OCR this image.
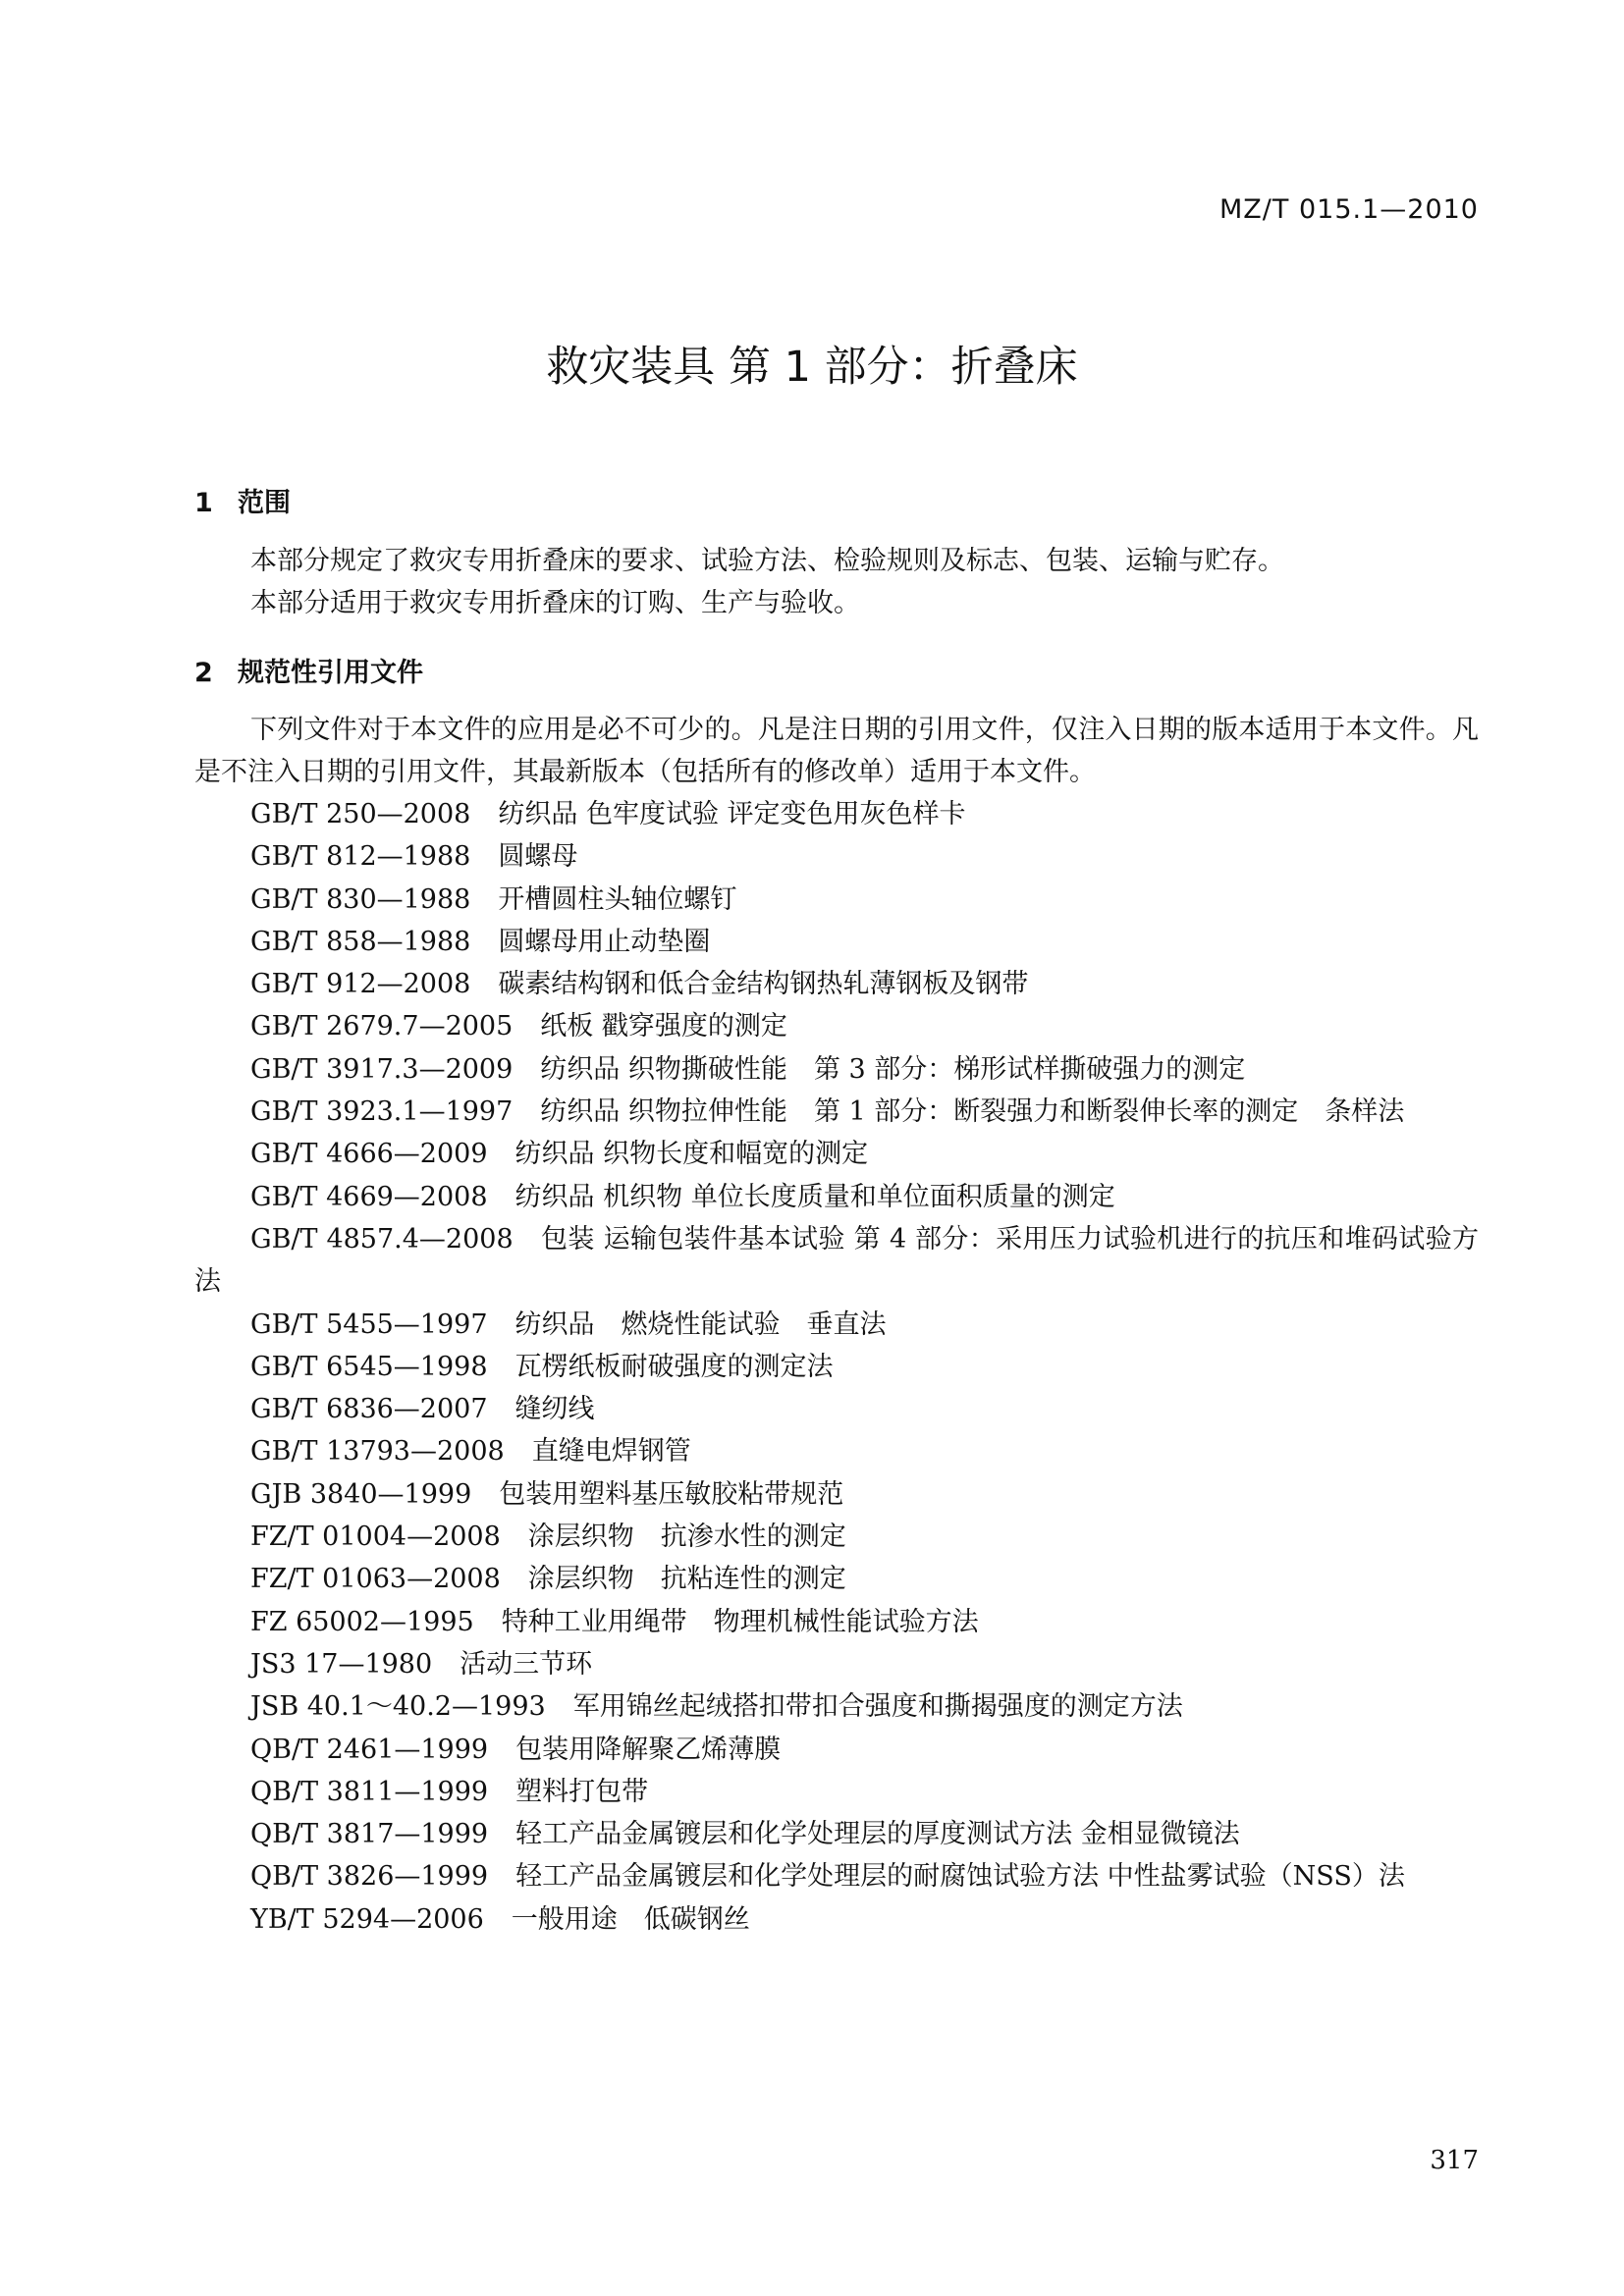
MZ/T 015.1—2010
救灾装具 第 1 部分：折叠床
1 范围
本部分规定了救灾专用折叠床的要求、试验方法、检验规则及标志、包装、运输与贮存。
本部分适用于救灾专用折叠床的订购、生产与验收。
2 规范性引用文件
下列文件对于本文件的应用是必不可少的。凡是注日期的引用文件，仅注入日期的版本适用于本文件。凡是不注入日期的引用文件，其最新版本（包括所有的修改单）适用于本文件。
GB/T 250—2008 纺织品 色牢度试验 评定变色用灰色样卡
GB/T 812—1988 圆螺母
GB/T 830—1988 开槽圆柱头轴位螺钉
GB/T 858—1988 圆螺母用止动垫圈
GB/T 912—2008 碳素结构钢和低合金结构钢热轧薄钢板及钢带
GB/T 2679.7—2005 纸板 戳穿强度的测定
GB/T 3917.3—2009 纺织品 织物撕破性能　第 3 部分：梯形试样撕破强力的测定
GB/T 3923.1—1997 纺织品 织物拉伸性能　第 1 部分：断裂强力和断裂伸长率的测定　条样法
GB/T 4666—2009 纺织品 织物长度和幅宽的测定
GB/T 4669—2008 纺织品 机织物 单位长度质量和单位面积质量的测定
GB/T 4857.4—2008 包装 运输包装件基本试验 第 4 部分：采用压力试验机进行的抗压和堆码试验方法
GB/T 5455—1997 纺织品　燃烧性能试验　垂直法
GB/T 6545—1998 瓦楞纸板耐破强度的测定法
GB/T 6836—2007 缝纫线
GB/T 13793—2008 直缝电焊钢管
GJB 3840—1999 包装用塑料基压敏胶粘带规范
FZ/T 01004—2008 涂层织物　抗渗水性的测定
FZ/T 01063—2008 涂层织物　抗粘连性的测定
FZ 65002—1995 特种工业用绳带　物理机械性能试验方法
JS3 17—1980 活动三节环
JSB 40.1～40.2—1993 军用锦丝起绒搭扣带扣合强度和撕揭强度的测定方法
QB/T 2461—1999 包装用降解聚乙烯薄膜
QB/T 3811—1999 塑料打包带
QB/T 3817—1999 轻工产品金属镀层和化学处理层的厚度测试方法 金相显微镜法
QB/T 3826—1999 轻工产品金属镀层和化学处理层的耐腐蚀试验方法 中性盐雾试验（NSS）法
YB/T 5294—2006 一般用途　低碳钢丝
317
